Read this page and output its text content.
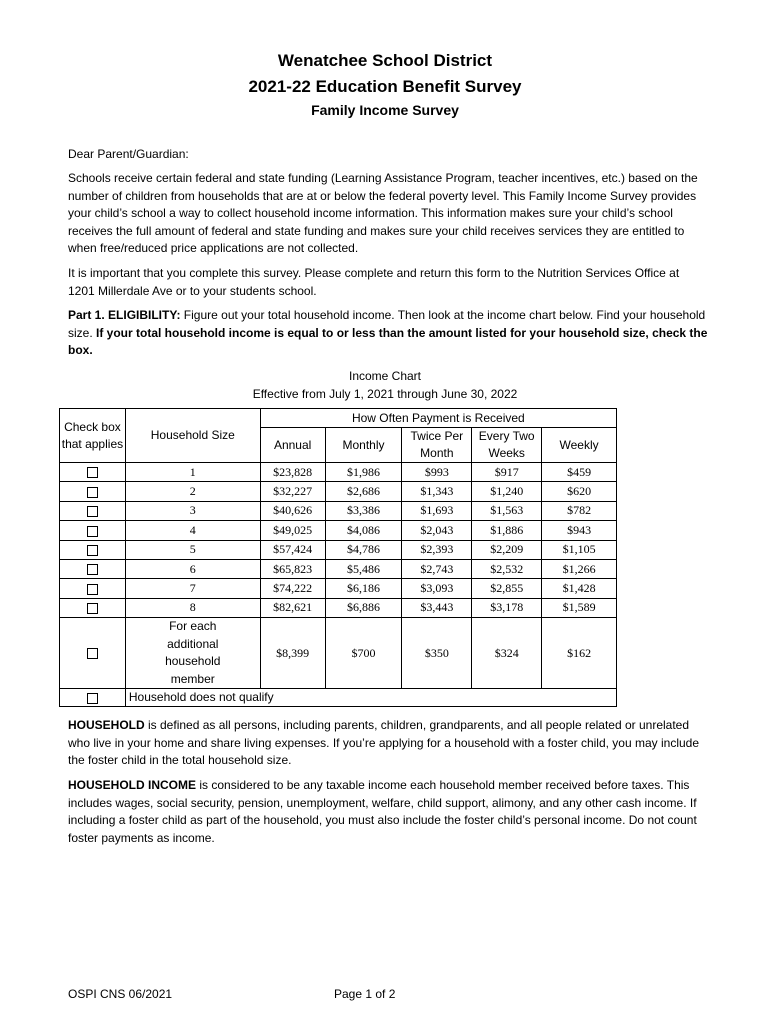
Wenatchee School District
2021-22 Education Benefit Survey
Family Income Survey
Dear Parent/Guardian:
Schools receive certain federal and state funding (Learning Assistance Program, teacher incentives, etc.) based on the number of children from households that are at or below the federal poverty level. This Family Income Survey provides your child’s school a way to collect household income information. This information makes sure your child’s school receives the full amount of federal and state funding and makes sure your child receives services they are entitled to when free/reduced price applications are not collected.
It is important that you complete this survey. Please complete and return this form to the Nutrition Services Office at 1201 Millerdale Ave or to your students school.
Part 1. ELIGIBILITY: Figure out your total household income. Then look at the income chart below. Find your household size. If your total household income is equal to or less than the amount listed for your household size, check the box.
Income Chart
Effective from July 1, 2021 through June 30, 2022
Check box that applies	Household Size	How Often Payment is Received				
		Annual	Monthly	Twice Per Month	Every Two Weeks	Weekly
	1	$23,828	$1,986	$993	$917	$459
	2	$32,227	$2,686	$1,343	$1,240	$620
	3	$40,626	$3,386	$1,693	$1,563	$782
	4	$49,025	$4,086	$2,043	$1,886	$943
	5	$57,424	$4,786	$2,393	$2,209	$1,105
	6	$65,823	$5,486	$2,743	$2,532	$1,266
	7	$74,222	$6,186	$3,093	$2,855	$1,428
	8	$82,621	$6,886	$3,443	$3,178	$1,589
	For each additional household member	$8,399	$700	$350	$324	$162
	Household does not qualify					
HOUSEHOLD is defined as all persons, including parents, children, grandparents, and all people related or unrelated who live in your home and share living expenses. If you’re applying for a household with a foster child, you may include the foster child in the total household size.
HOUSEHOLD INCOME is considered to be any taxable income each household member received before taxes. This includes wages, social security, pension, unemployment, welfare, child support, alimony, and any other cash income. If including a foster child as part of the household, you must also include the foster child’s personal income. Do not count foster payments as income.
OSPI CNS 06/2021	Page 1 of 2
